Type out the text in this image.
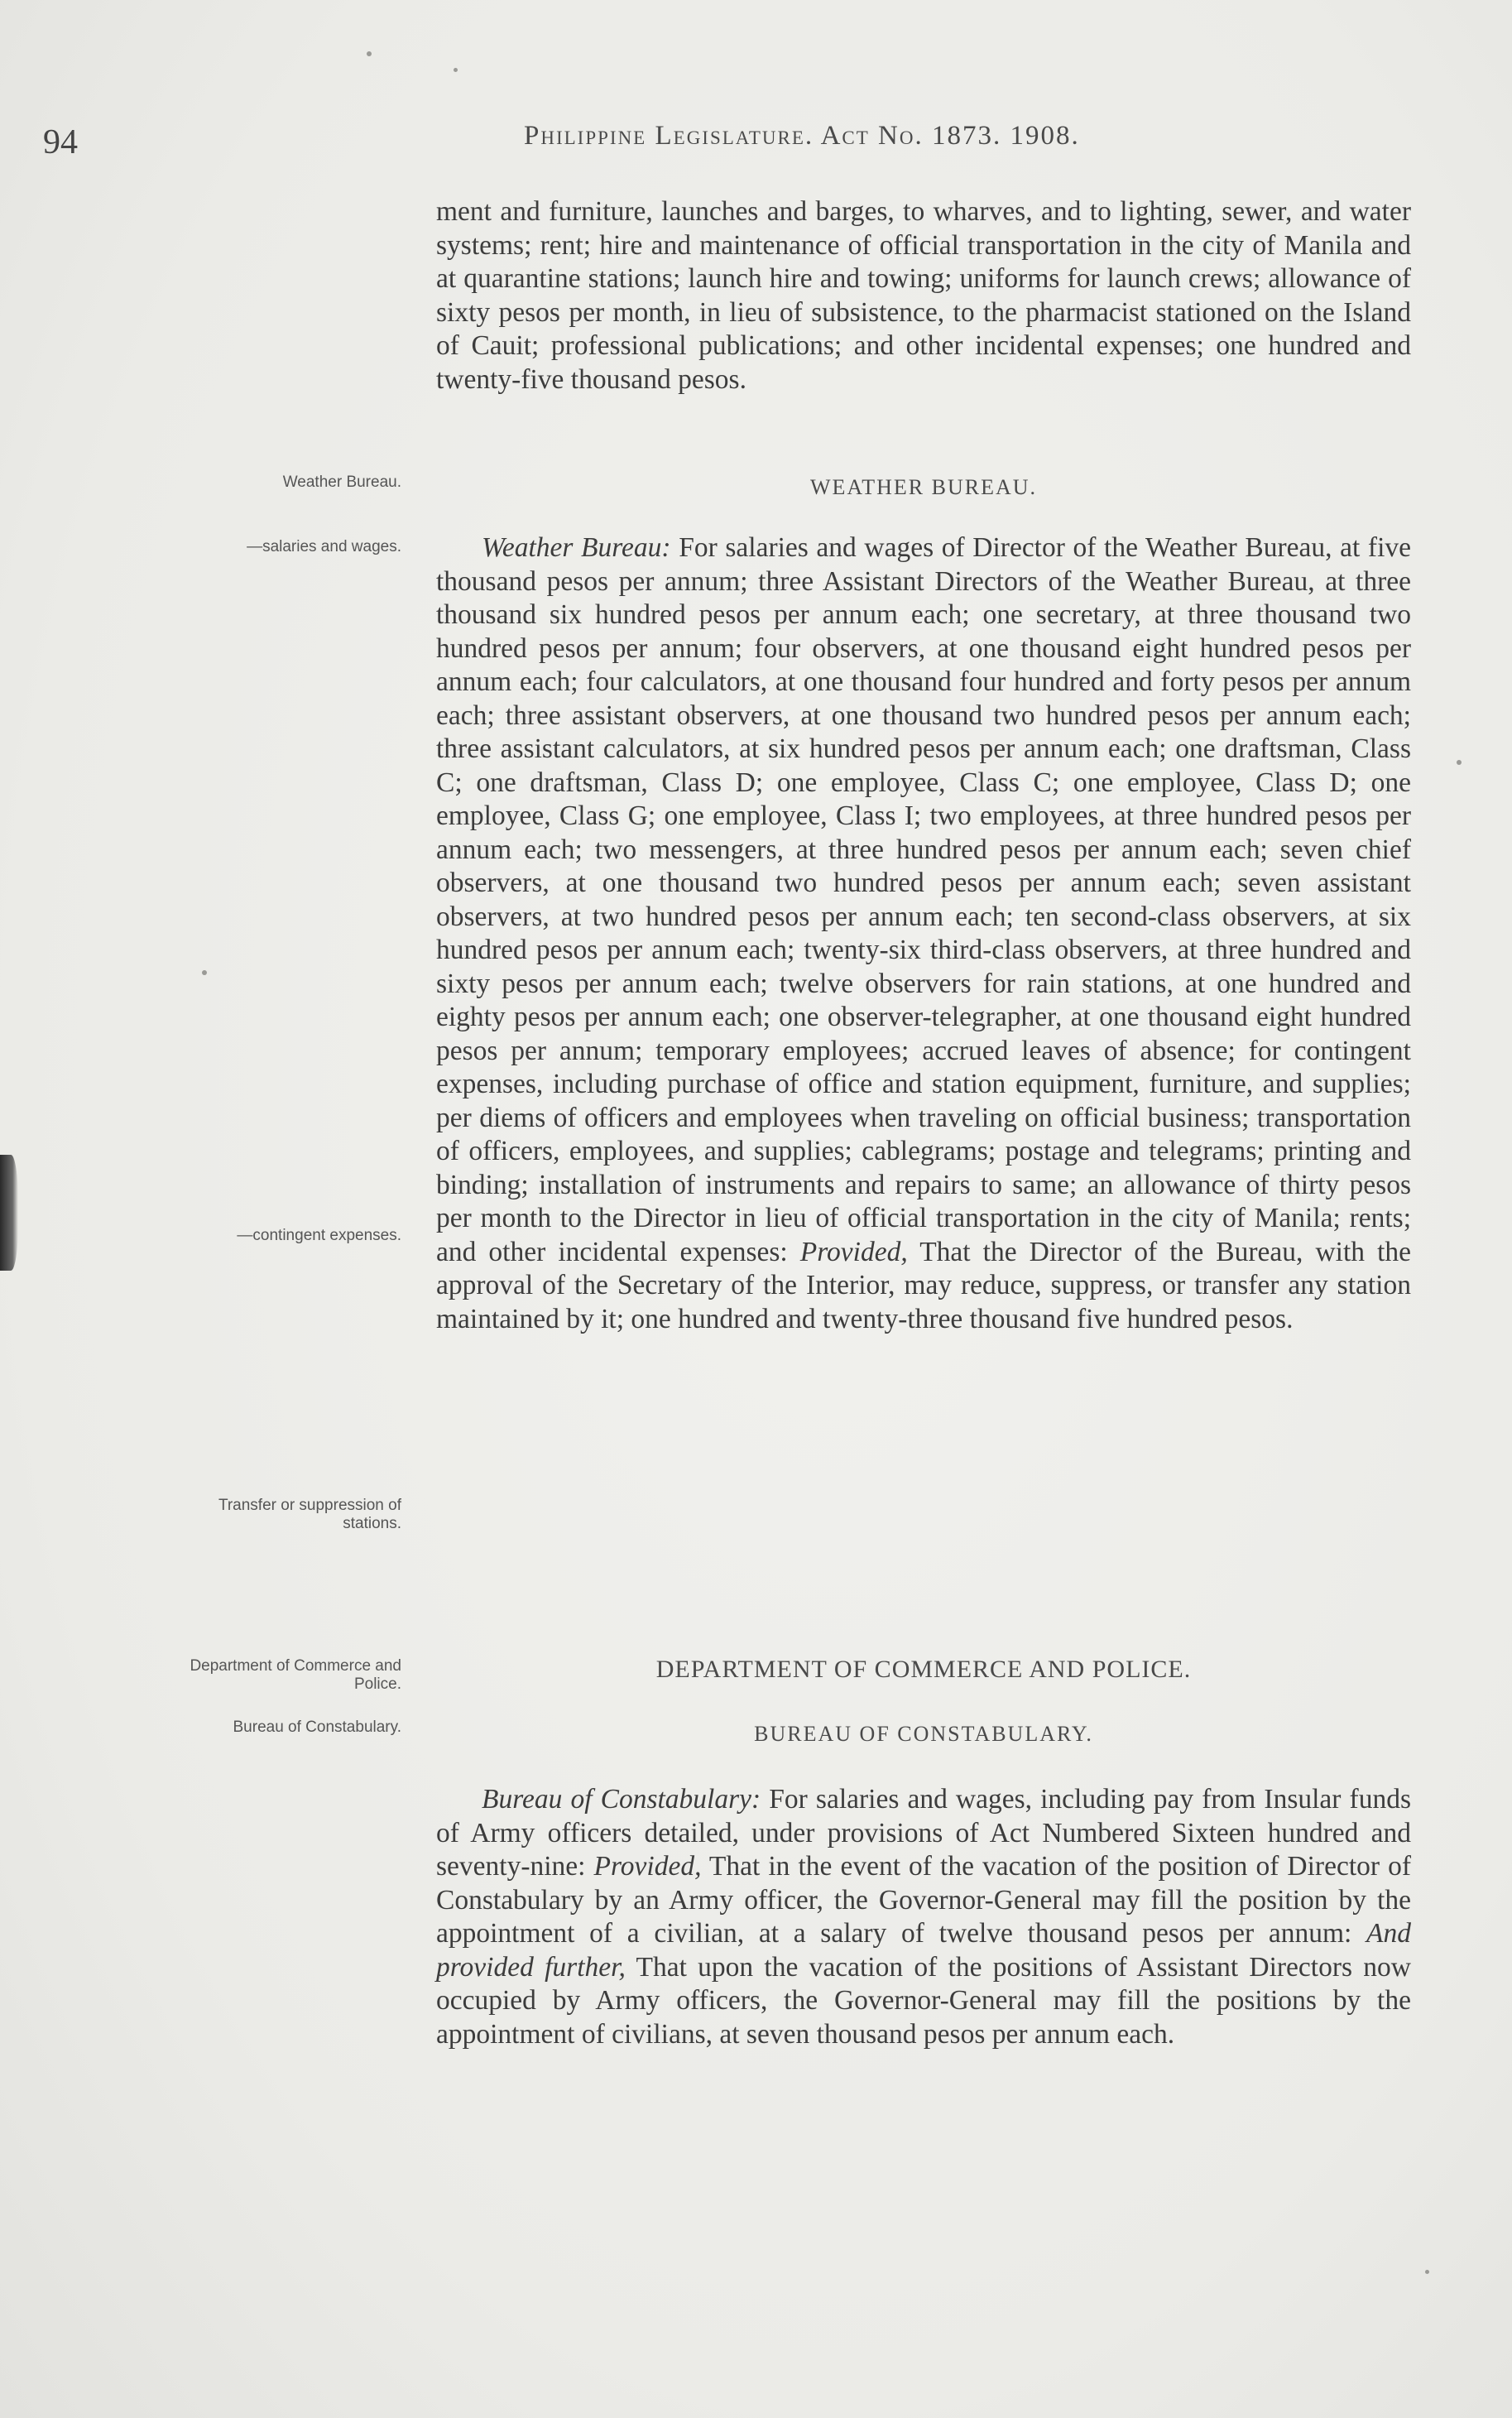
94	Philippine Legislature. Act No. 1873. 1908.

ment and furniture, launches and barges, to wharves, and to lighting, sewer, and water systems; rent; hire and maintenance of official transportation in the city of Manila and at quarantine stations; launch hire and towing; uniforms for launch crews; allowance of sixty pesos per month, in lieu of subsistence, to the pharmacist stationed on the Island of Cauit; professional publications; and other incidental expenses; one hundred and twenty-five thousand pesos.

Weather Bureau.	WEATHER BUREAU.
—salaries and wages.
—contingent expenses.
Transfer or suppression of stations.

Weather Bureau: For salaries and wages of Director of the Weather Bureau, at five thousand pesos per annum; three Assistant Directors of the Weather Bureau, at three thousand six hundred pesos per annum each; one secretary, at three thousand two hundred pesos per annum; four observers, at one thousand eight hundred pesos per annum each; four calculators, at one thousand four hundred and forty pesos per annum each; three assistant observers, at one thousand two hundred pesos per annum each; three assistant calculators, at six hundred pesos per annum each; one draftsman, Class C; one draftsman, Class D; one employee, Class C; one employee, Class D; one employee, Class G; one employee, Class I; two employees, at three hundred pesos per annum each; two messengers, at three hundred pesos per annum each; seven chief observers, at one thousand two hundred pesos per annum each; seven assistant observers, at two hundred pesos per annum each; ten second-class observers, at six hundred pesos per annum each; twenty-six third-class observers, at three hundred and sixty pesos per annum each; twelve observers for rain stations, at one hundred and eighty pesos per annum each; one observer-telegrapher, at one thousand eight hundred pesos per annum; temporary employees; accrued leaves of absence; for contingent expenses, including purchase of office and station equipment, furniture, and supplies; per diems of officers and employees when traveling on official business; transportation of officers, employees, and supplies; cablegrams; postage and telegrams; printing and binding; installation of instruments and repairs to same; an allowance of thirty pesos per month to the Director in lieu of official transportation in the city of Manila; rents; and other incidental expenses: Provided, That the Director of the Bureau, with the approval of the Secretary of the Interior, may reduce, suppress, or transfer any station maintained by it; one hundred and twenty-three thousand five hundred pesos.

Department of Commerce and Police.
DEPARTMENT OF COMMERCE AND POLICE.
Bureau of Constabulary.	BUREAU OF CONSTABULARY.

Bureau of Constabulary: For salaries and wages, including pay from Insular funds of Army officers detailed, under provisions of Act Numbered Sixteen hundred and seventy-nine: Provided, That in the event of the vacation of the position of Director of Constabulary by an Army officer, the Governor-General may fill the position by the appointment of a civilian, at a salary of twelve thousand pesos per annum: And provided further, That upon the vacation of the positions of Assistant Directors now occupied by Army officers, the Governor-General may fill the positions by the appointment of civilians, at seven thousand pesos per annum each.
